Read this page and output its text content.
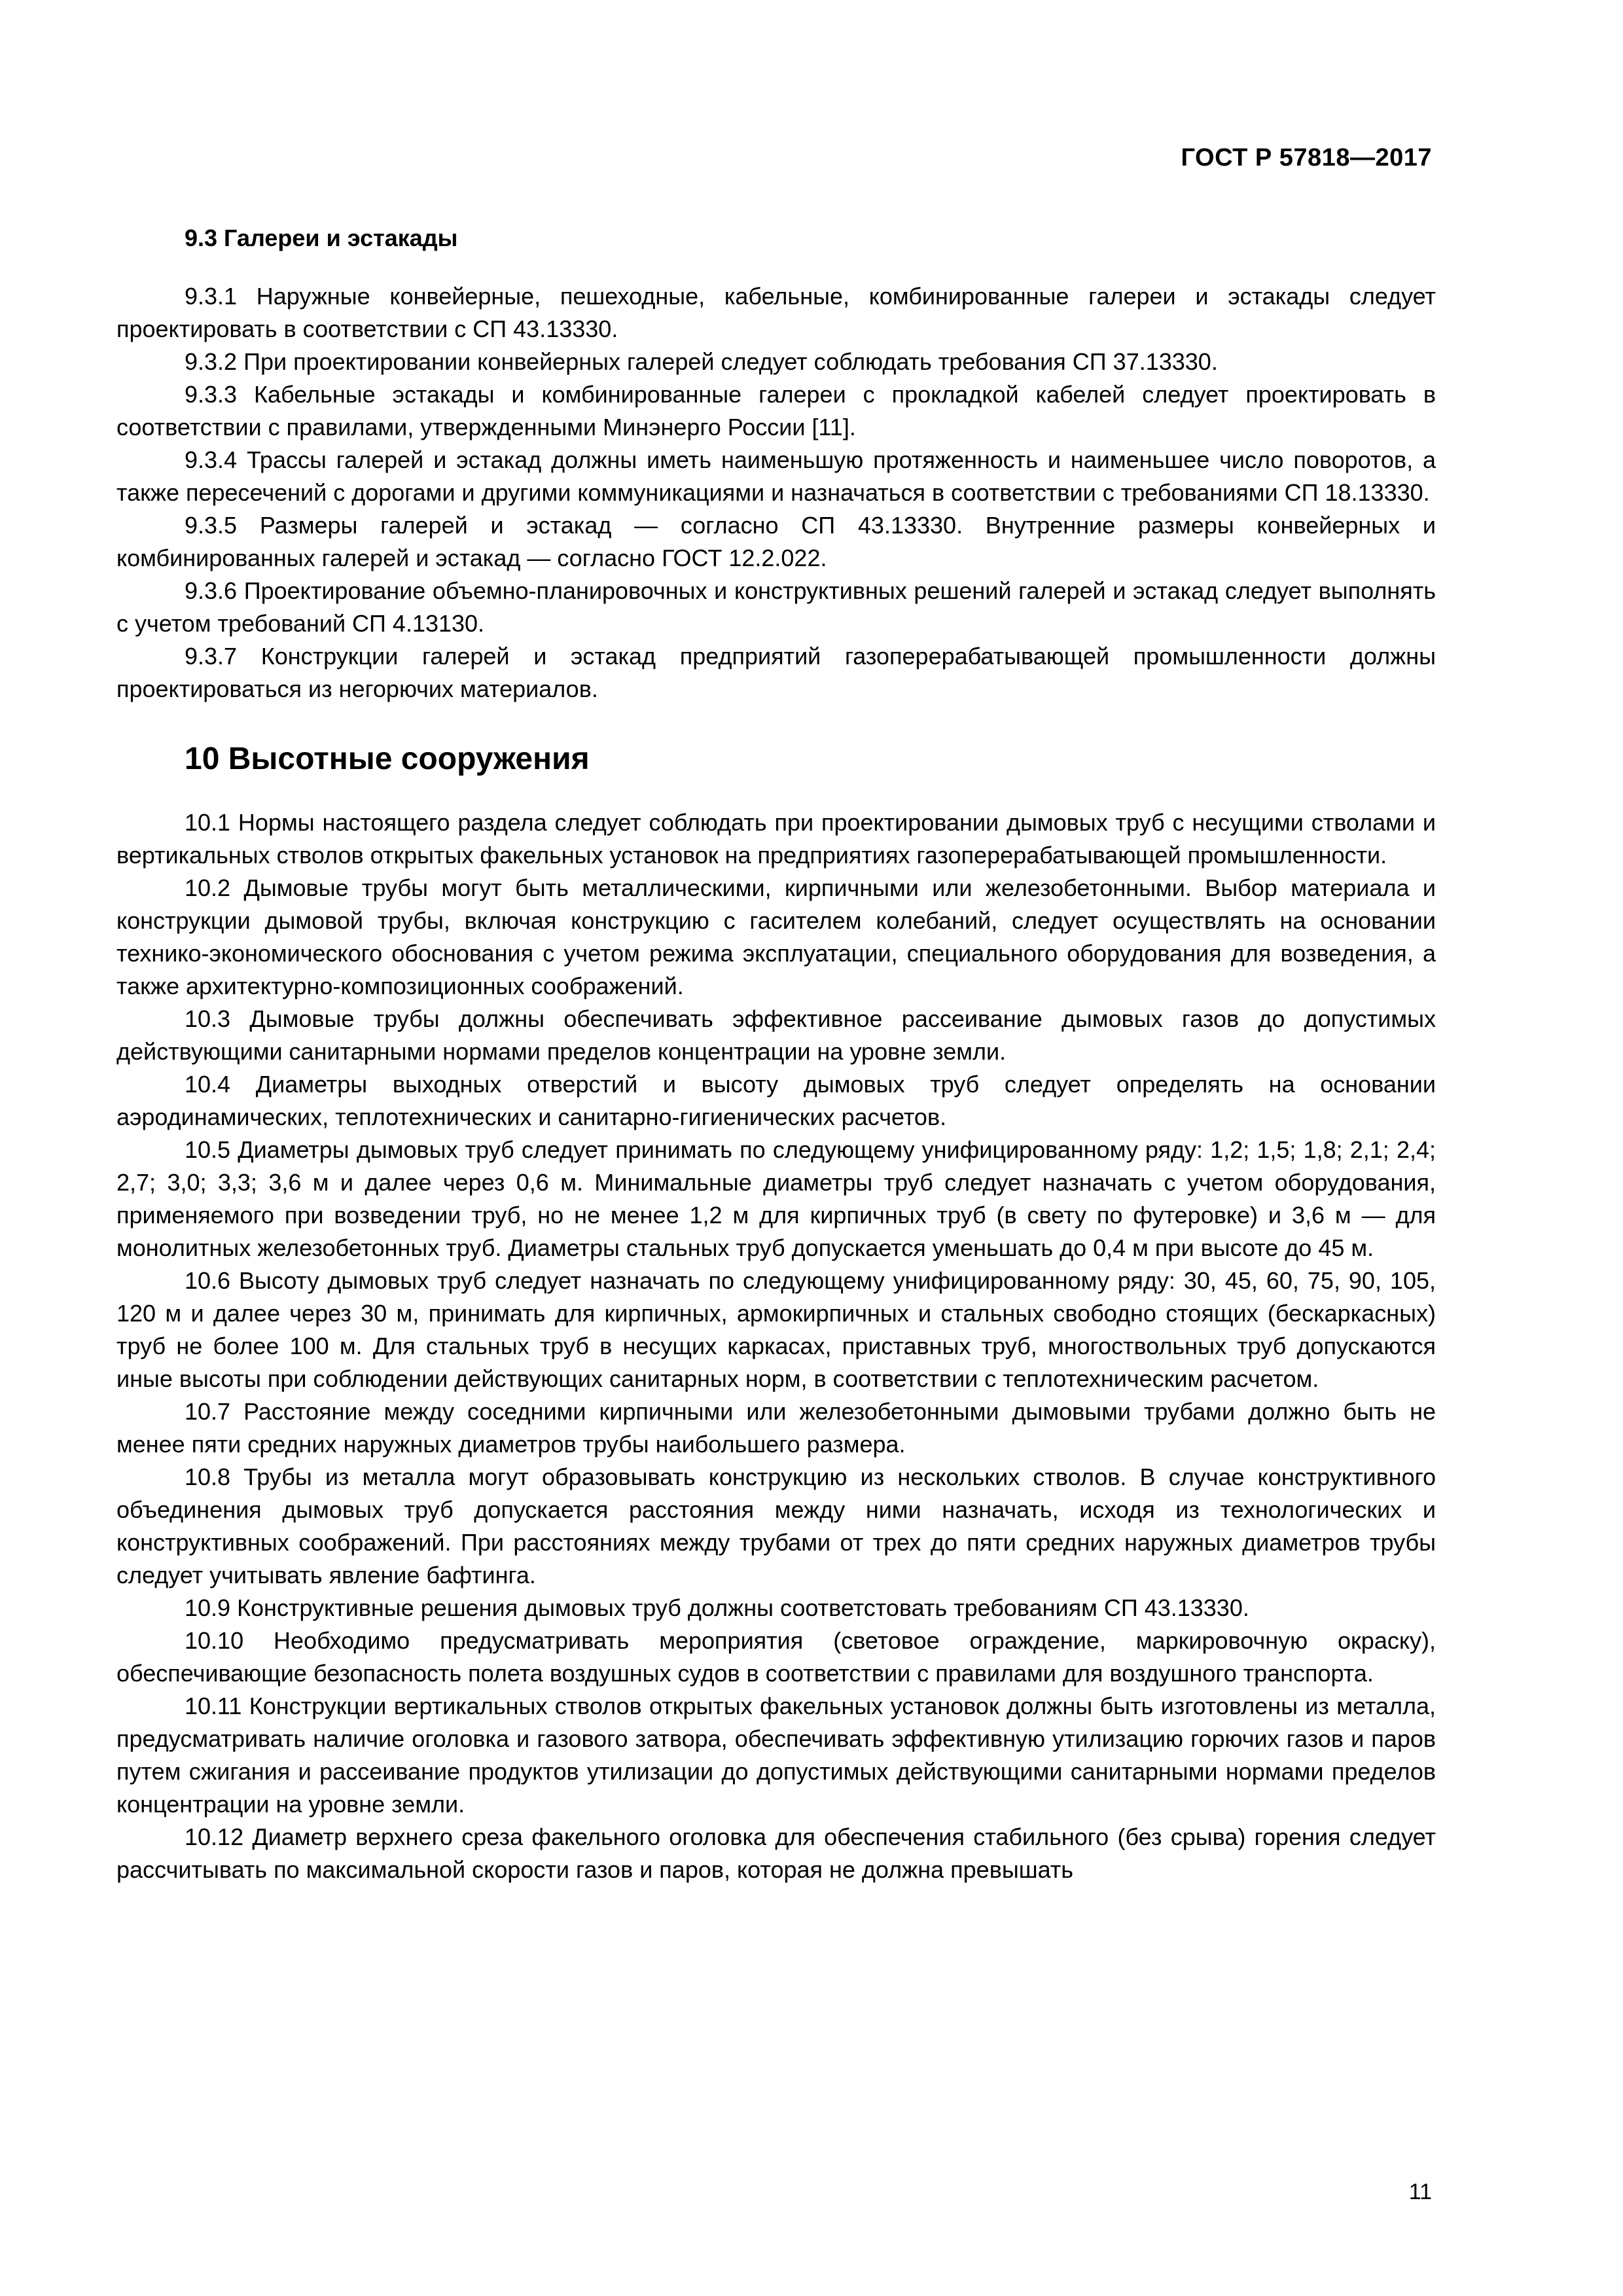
ГОСТ Р 57818—2017
9.3 Галереи и эстакады

9.3.1 Наружные конвейерные, пешеходные, кабельные, комбинированные галереи и эстакады следует проектировать в соответствии с СП 43.13330.

9.3.2 При проектировании конвейерных галерей следует соблюдать требования СП 37.13330.

9.3.3 Кабельные эстакады и комбинированные галереи с прокладкой кабелей следует проектировать в соответствии с правилами, утвержденными Минэнерго России [11].

9.3.4 Трассы галерей и эстакад должны иметь наименьшую протяженность и наименьшее число поворотов, а также пересечений с дорогами и другими коммуникациями и назначаться в соответствии с требованиями СП 18.13330.

9.3.5 Размеры галерей и эстакад — согласно СП 43.13330. Внутренние размеры конвейерных и комбинированных галерей и эстакад — согласно ГОСТ 12.2.022.

9.3.6 Проектирование объемно-планировочных и конструктивных решений галерей и эстакад следует выполнять с учетом требований СП 4.13130.

9.3.7 Конструкции галерей и эстакад предприятий газоперерабатывающей промышленности должны проектироваться из негорючих материалов.

10 Высотные сооружения

10.1 Нормы настоящего раздела следует соблюдать при проектировании дымовых труб с несущими стволами и вертикальных стволов открытых факельных установок на предприятиях газоперерабатывающей промышленности.

10.2 Дымовые трубы могут быть металлическими, кирпичными или железобетонными. Выбор материала и конструкции дымовой трубы, включая конструкцию с гасителем колебаний, следует осуществлять на основании технико-экономического обоснования с учетом режима эксплуатации, специального оборудования для возведения, а также архитектурно-композиционных соображений.

10.3 Дымовые трубы должны обеспечивать эффективное рассеивание дымовых газов до допустимых действующими санитарными нормами пределов концентрации на уровне земли.

10.4 Диаметры выходных отверстий и высоту дымовых труб следует определять на основании аэродинамических, теплотехнических и санитарно-гигиенических расчетов.

10.5 Диаметры дымовых труб следует принимать по следующему унифицированному ряду: 1,2; 1,5; 1,8; 2,1; 2,4; 2,7; 3,0; 3,3; 3,6 м и далее через 0,6 м. Минимальные диаметры труб следует назначать с учетом оборудования, применяемого при возведении труб, но не менее 1,2 м для кирпичных труб (в свету по футеровке) и 3,6 м — для монолитных железобетонных труб. Диаметры стальных труб допускается уменьшать до 0,4 м при высоте до 45 м.

10.6 Высоту дымовых труб следует назначать по следующему унифицированному ряду: 30, 45, 60, 75, 90, 105, 120 м и далее через 30 м, принимать для кирпичных, армокирпичных и стальных свободно стоящих (бескаркасных) труб не более 100 м. Для стальных труб в несущих каркасах, приставных труб, многоствольных труб допускаются иные высоты при соблюдении действующих санитарных норм, в соответствии с теплотехническим расчетом.

10.7 Расстояние между соседними кирпичными или железобетонными дымовыми трубами должно быть не менее пяти средних наружных диаметров трубы наибольшего размера.

10.8 Трубы из металла могут образовывать конструкцию из нескольких стволов. В случае конструктивного объединения дымовых труб допускается расстояния между ними назначать, исходя из технологических и конструктивных соображений. При расстояниях между трубами от трех до пяти средних наружных диаметров трубы следует учитывать явление бафтинга.

10.9 Конструктивные решения дымовых труб должны соответстовать требованиям СП 43.13330.

10.10 Необходимо предусматривать мероприятия (световое ограждение, маркировочную окраску), обеспечивающие безопасность полета воздушных судов в соответствии с правилами для воздушного транспорта.

10.11 Конструкции вертикальных стволов открытых факельных установок должны быть изготовлены из металла, предусматривать наличие оголовка и газового затвора, обеспечивать эффективную утилизацию горючих газов и паров путем сжигания и рассеивание продуктов утилизации до допустимых действующими санитарными нормами пределов концентрации на уровне земли.

10.12 Диаметр верхнего среза факельного оголовка для обеспечения стабильного (без срыва) горения следует рассчитывать по максимальной скорости газов и паров, которая не должна превышать

11
